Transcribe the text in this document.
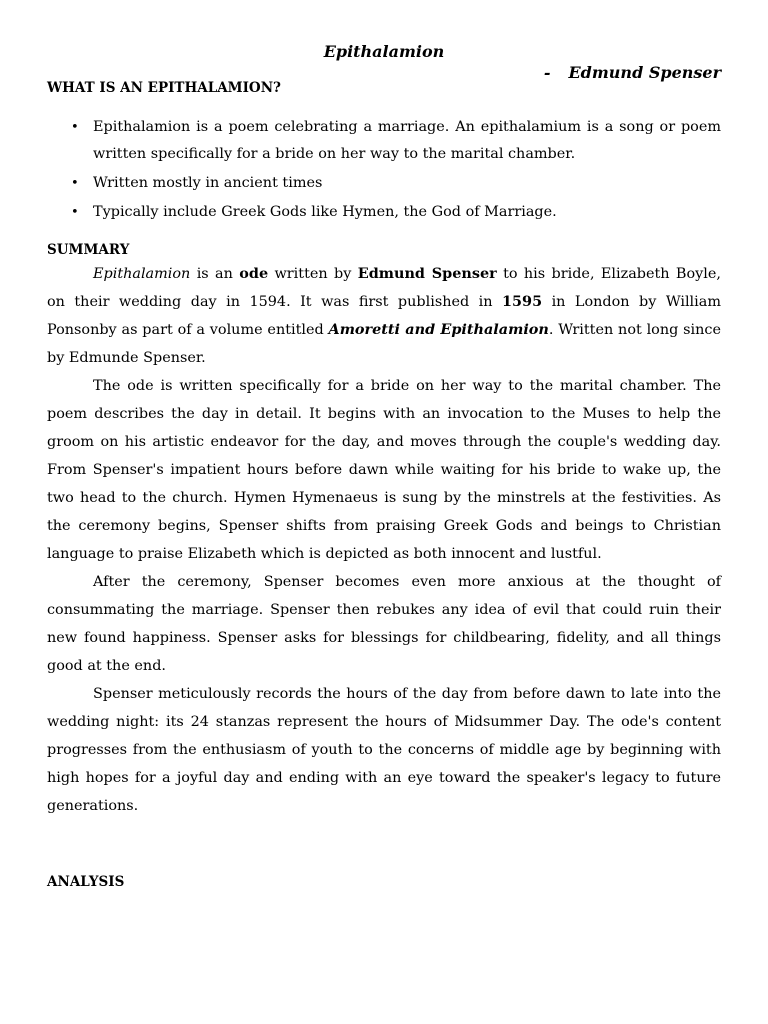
Epithalamion
- Edmund Spenser
WHAT IS AN EPITHALAMION?
• Epithalamion is a poem celebrating a marriage. An epithalamium is a song or poem written specifically for a bride on her way to the marital chamber.
• Written mostly in ancient times
• Typically include Greek Gods like Hymen, the God of Marriage.
SUMMARY

Epithalamion is an ode written by Edmund Spenser to his bride, Elizabeth Boyle, on their wedding day in 1594. It was first published in 1595 in London by William Ponsonby as part of a volume entitled Amoretti and Epithalamion. Written not long since by Edmunde Spenser.

The ode is written specifically for a bride on her way to the marital chamber. The poem describes the day in detail. It begins with an invocation to the Muses to help the groom on his artistic endeavor for the day, and moves through the couple's wedding day. From Spenser's impatient hours before dawn while waiting for his bride to wake up, the two head to the church. Hymen Hymenaeus is sung by the minstrels at the festivities. As the ceremony begins, Spenser shifts from praising Greek Gods and beings to Christian language to praise Elizabeth which is depicted as both innocent and lustful.

After the ceremony, Spenser becomes even more anxious at the thought of consummating the marriage. Spenser then rebukes any idea of evil that could ruin their new found happiness. Spenser asks for blessings for childbearing, fidelity, and all things good at the end.

Spenser meticulously records the hours of the day from before dawn to late into the wedding night: its 24 stanzas represent the hours of Midsummer Day. The ode's content progresses from the enthusiasm of youth to the concerns of middle age by beginning with high hopes for a joyful day and ending with an eye toward the speaker's legacy to future generations.

ANALYSIS
